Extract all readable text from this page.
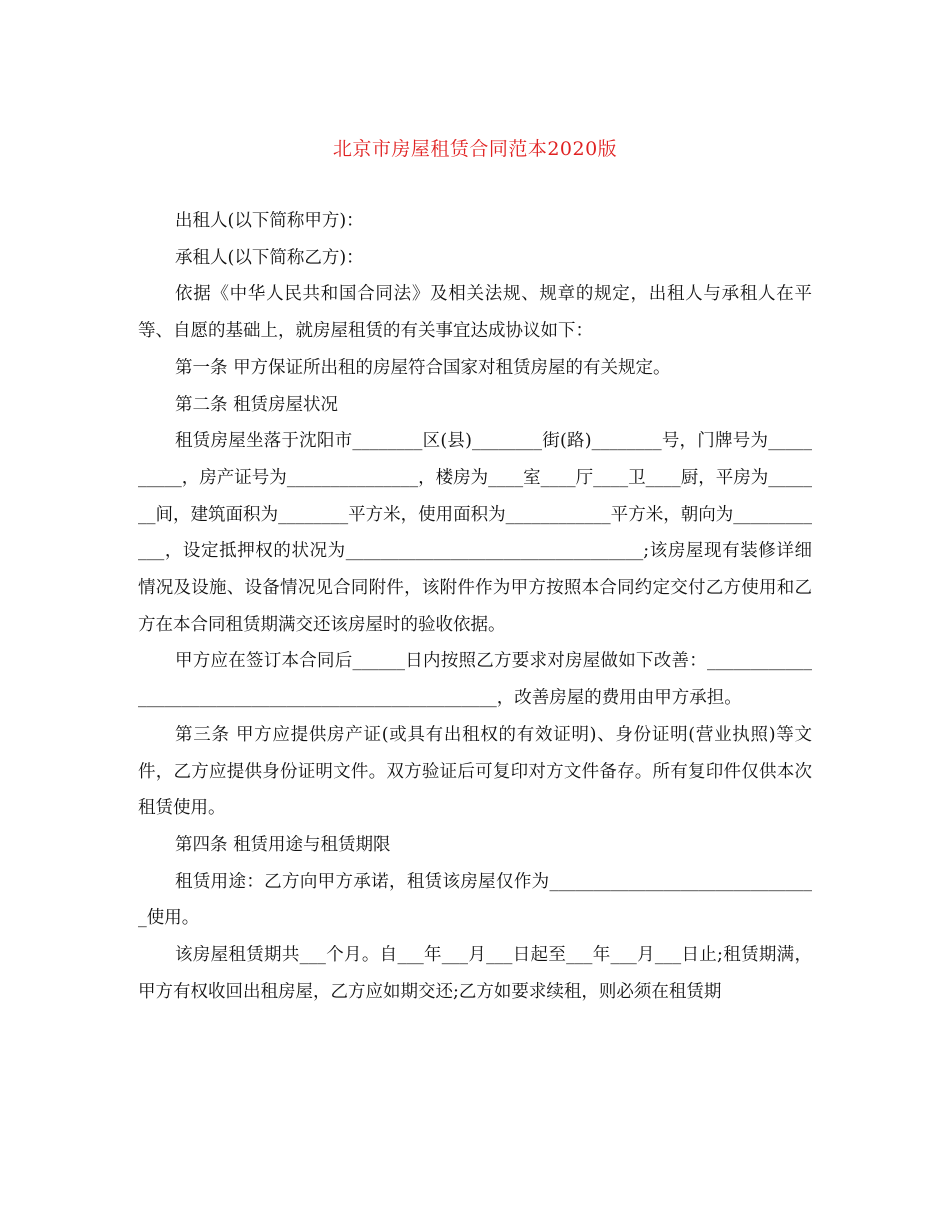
北京市房屋租赁合同范本2020版

出租人(以下简称甲方)：

承租人(以下简称乙方)：

依据《中华人民共和国合同法》及相关法规、规章的规定，出租人与承租人在平等、自愿的基础上，就房屋租赁的有关事宜达成协议如下：

第一条 甲方保证所出租的房屋符合国家对租赁房屋的有关规定。

第二条 租赁房屋状况

租赁房屋坐落于沈阳市________区(县)________街(路)________号，门牌号为__________，房产证号为_______________，楼房为____室____厅____卫____厨，平房为_______间，建筑面积为________平方米，使用面积为____________平方米，朝向为____________，设定抵押权的状况为__________________________________;该房屋现有装修详细情况及设施、设备情况见合同附件，该附件作为甲方按照本合同约定交付乙方使用和乙方在本合同租赁期满交还该房屋时的验收依据。

甲方应在签订本合同后______日内按照乙方要求对房屋做如下改善：_____________________________________________________，改善房屋的费用由甲方承担。

第三条 甲方应提供房产证(或具有出租权的有效证明)、身份证明(营业执照)等文件，乙方应提供身份证明文件。双方验证后可复印对方文件备存。所有复印件仅供本次租赁使用。

第四条 租赁用途与租赁期限

租赁用途：乙方向甲方承诺，租赁该房屋仅作为_______________________________使用。

该房屋租赁期共___个月。自___年___月___日起至___年___月___日止;租赁期满，甲方有权收回出租房屋，乙方应如期交还;乙方如要求续租，则必须在租赁期
